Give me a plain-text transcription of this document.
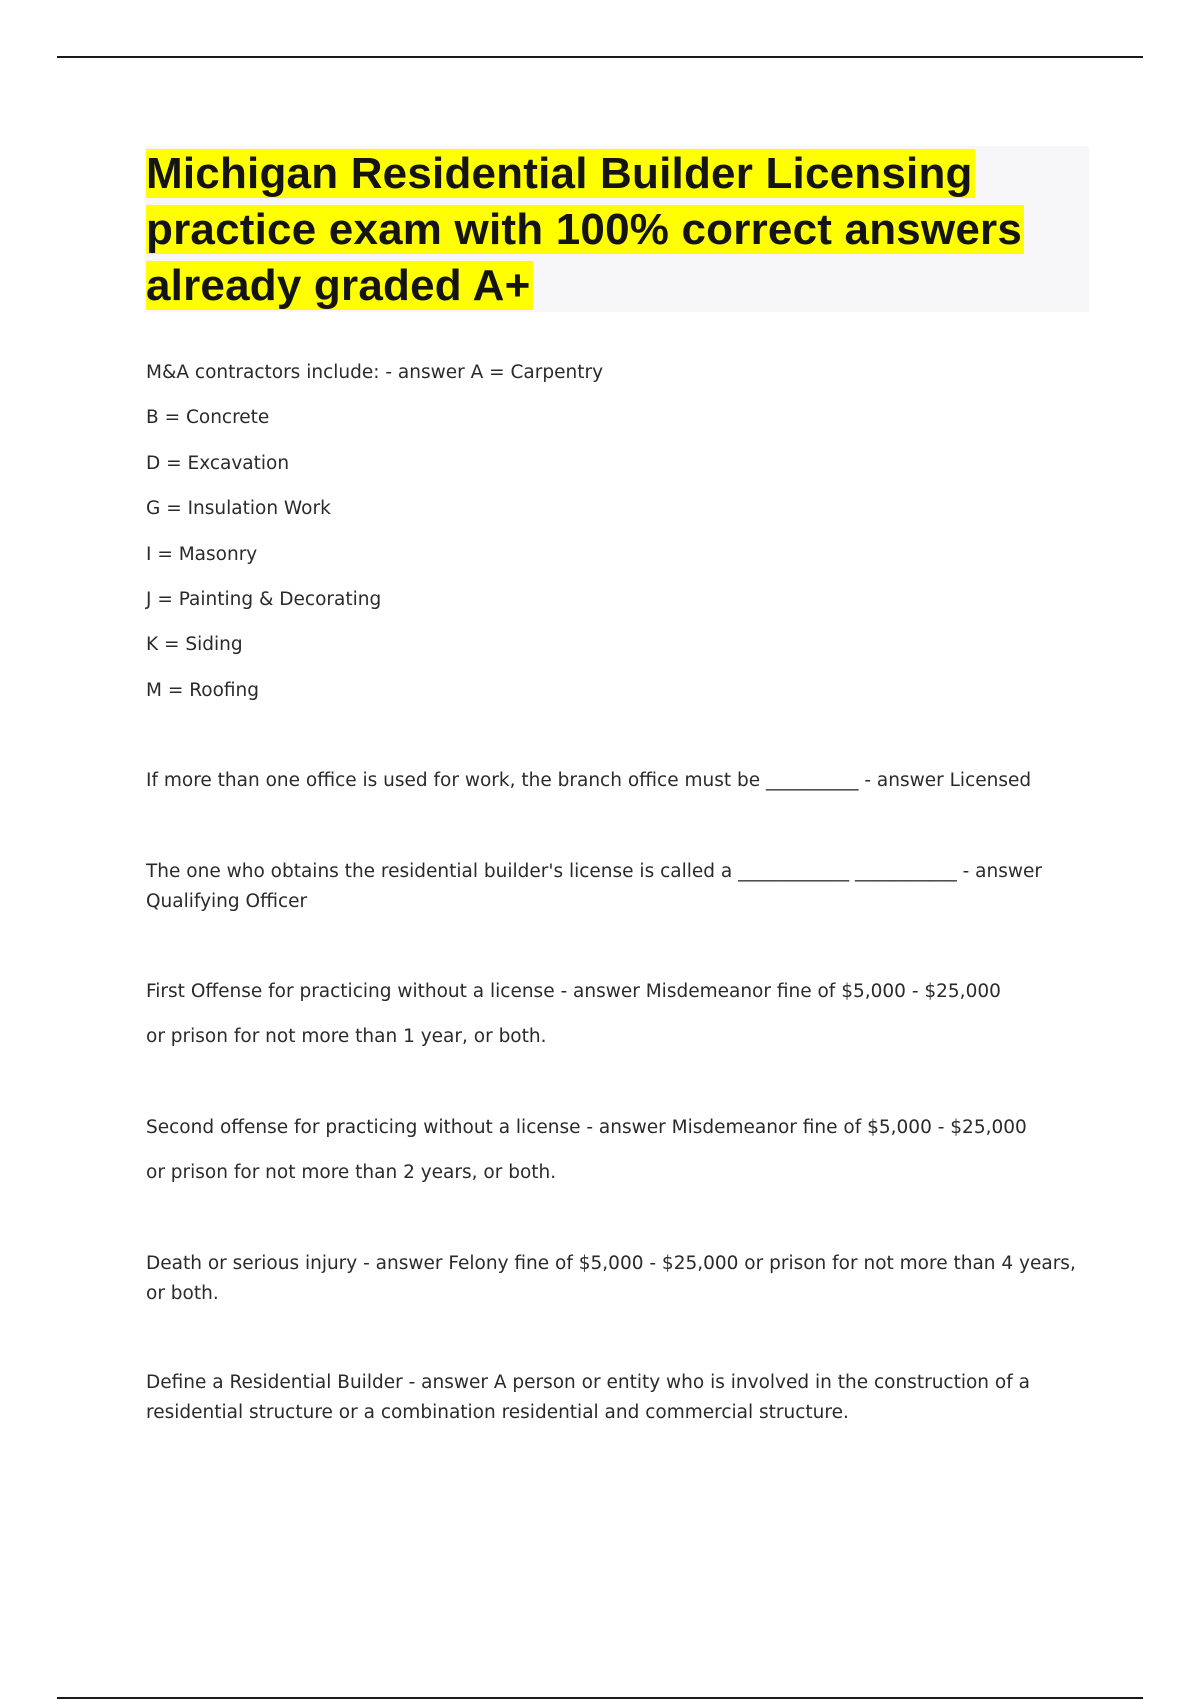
Michigan Residential Builder Licensing practice exam with 100% correct answers already graded A+

M&A contractors include: - answer A = Carpentry

B = Concrete

D = Excavation

G = Insulation Work

I = Masonry

J = Painting & Decorating

K = Siding

M = Roofing

If more than one office is used for work, the branch office must be __________ - answer Licensed

The one who obtains the residential builder's license is called a ____________ ___________ - answer Qualifying Officer

First Offense for practicing without a license - answer Misdemeanor fine of $5,000 - $25,000

or prison for not more than 1 year, or both.

Second offense for practicing without a license - answer Misdemeanor fine of $5,000 - $25,000

or prison for not more than 2 years, or both.

Death or serious injury - answer Felony fine of $5,000 - $25,000 or prison for not more than 4 years, or both.

Define a Residential Builder - answer A person or entity who is involved in the construction of a residential structure or a combination residential and commercial structure.
